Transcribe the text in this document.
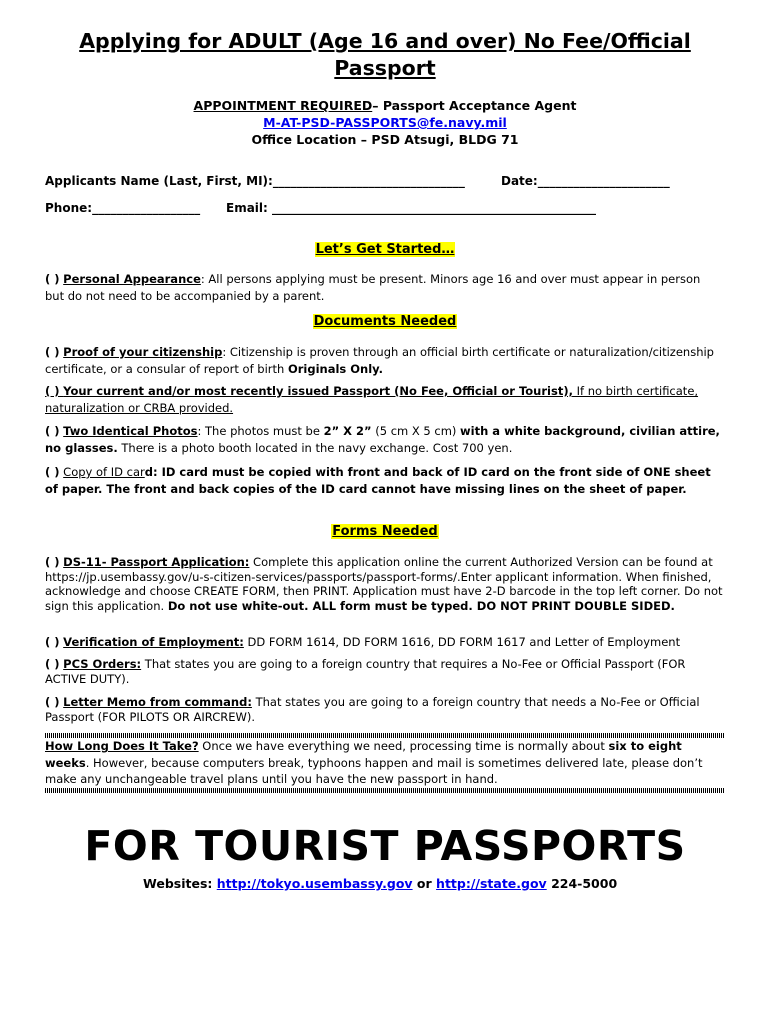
Applying for ADULT (Age 16 and over) No Fee/Official
Passport
APPOINTMENT REQUIRED– Passport Acceptance Agent
M-AT-PSD-PASSPORTS@fe.navy.mil
Office Location – PSD Atsugi, BLDG 71
Applicants Name (Last, First, MI):________________________________	Date:______________________
Phone:__________________ Email: ______________________________________________________
Let’s Get Started…
( ) Personal Appearance: All persons applying must be present. Minors age 16 and over must appear in person but do not need to be accompanied by a parent.
Documents Needed
( ) Proof of your citizenship: Citizenship is proven through an official birth certificate or naturalization/citizenship certificate, or a consular of report of birth Originals Only.
( ) Your current and/or most recently issued Passport (No Fee, Official or Tourist), If no birth certificate, naturalization or CRBA provided.
( ) Two Identical Photos: The photos must be 2” X 2” (5 cm X 5 cm) with a white background, civilian attire, no glasses. There is a photo booth located in the navy exchange. Cost 700 yen.
( ) Copy of ID card: ID card must be copied with front and back of ID card on the front side of ONE sheet of paper. The front and back copies of the ID card cannot have missing lines on the sheet of paper.
Forms Needed
( ) DS-11- Passport Application: Complete this application online the current Authorized Version can be found at https://jp.usembassy.gov/u-s-citizen-services/passports/passport-forms/.Enter applicant information. When finished, acknowledge and choose CREATE FORM, then PRINT. Application must have 2-D barcode in the top left corner. Do not sign this application. Do not use white-out. ALL form must be typed. DO NOT PRINT DOUBLE SIDED.
( ) Verification of Employment: DD FORM 1614, DD FORM 1616, DD FORM 1617 and Letter of Employment
( ) PCS Orders: That states you are going to a foreign country that requires a No-Fee or Official Passport (FOR ACTIVE DUTY).
( ) Letter Memo from command: That states you are going to a foreign country that needs a No-Fee or Official Passport (FOR PILOTS OR AIRCREW).
How Long Does It Take? Once we have everything we need, processing time is normally about six to eight weeks. However, because computers break, typhoons happen and mail is sometimes delivered late, please don’t make any unchangeable travel plans until you have the new passport in hand.
FOR TOURIST PASSPORTS
Websites: http://tokyo.usembassy.gov or http://state.gov 224-5000
